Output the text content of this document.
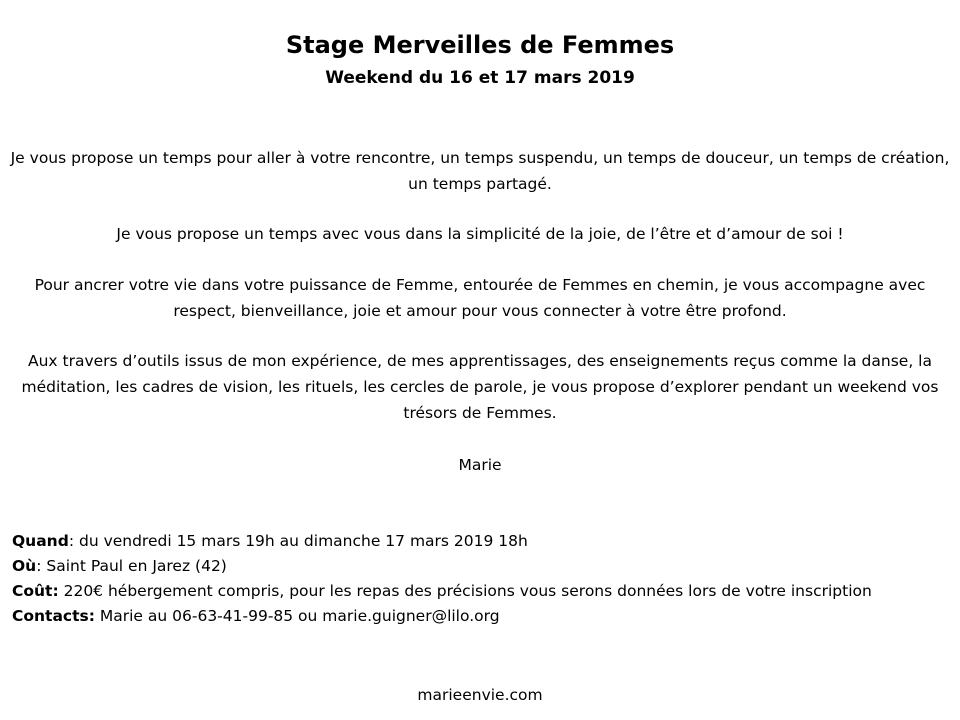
Stage Merveilles de Femmes
Weekend du 16 et 17 mars 2019
Je vous propose un temps pour aller à votre rencontre, un temps suspendu, un temps de douceur, un temps de création, un temps partagé.
Je vous propose un temps avec vous dans la simplicité de la joie, de l’être et d’amour de soi !
Pour ancrer votre vie dans votre puissance de Femme, entourée de Femmes en chemin, je vous accompagne avec respect, bienveillance, joie et amour pour vous connecter à votre être profond.
Aux travers d’outils issus de mon expérience, de mes apprentissages, des enseignements reçus comme la danse, la méditation, les cadres de vision, les rituels, les cercles de parole, je vous propose d’explorer pendant un weekend vos trésors de Femmes.
Marie

Quand: du vendredi 15 mars 19h au dimanche 17 mars 2019 18h

Où: Saint Paul en Jarez (42)

Coût: 220€ hébergement compris, pour les repas des précisions vous serons données lors de votre inscription

Contacts: Marie au 06-63-41-99-85 ou marie.guigner@lilo.org

marieenvie.com
